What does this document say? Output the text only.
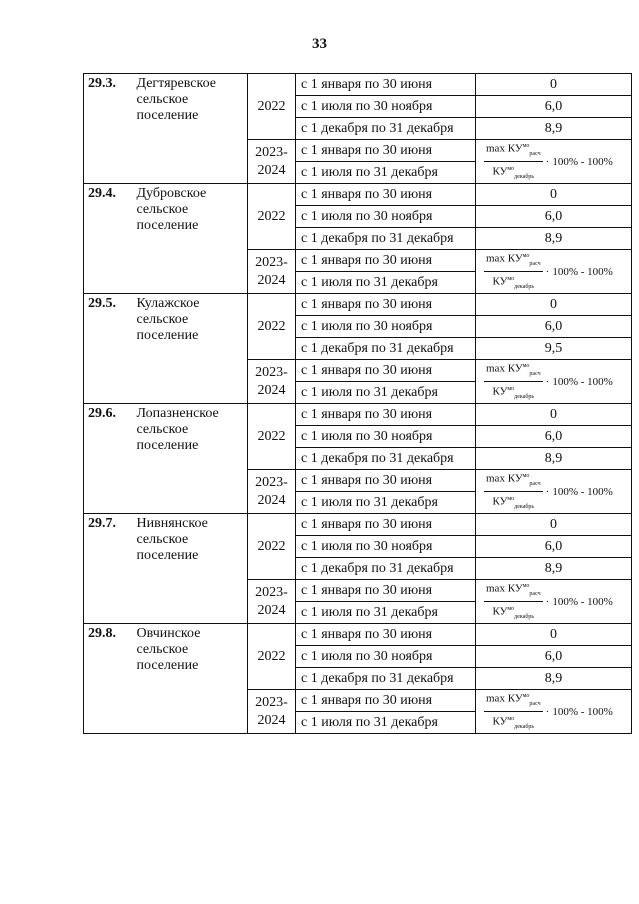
33
29.3.	Дегтяревское
сельское
поселение	2022	с 1 января по 30 июня	0
			с 1 июля по 30 ноября	6,0
			с 1 декабря по 31 декабря	8,9

		2023-
2024	с 1 января по 30 июня	$\frac{\max КУ^{мо}_{pасч}}{КУ^{мо}_{декабрь}} \cdot 100\% - 100\%$

			с 1 июля по 31 декабря	
29.4.	Дубровское
сельское
поселение	2022	с 1 января по 30 июня	0
			с 1 июля по 30 ноября	6,0
			с 1 декабря по 31 декабря	8,9

		2023-
2024	с 1 января по 30 июня	$\frac{\max КУ^{мо}_{pасч}}{КУ^{мо}_{декабрь}} \cdot 100\% - 100\%$

			с 1 июля по 31 декабря	
29.5.	Кулажское
сельское
поселение	2022	с 1 января по 30 июня	0
			с 1 июля по 30 ноября	6,0
			с 1 декабря по 31 декабря	9,5

		2023-
2024	с 1 января по 30 июня	$\frac{\max КУ^{мо}_{pасч}}{КУ^{мо}_{декабрь}} \cdot 100\% - 100\%$

			с 1 июля по 31 декабря	
29.6.	Лопазненское
сельское
поселение	2022	с 1 января по 30 июня	0
			с 1 июля по 30 ноября	6,0
			с 1 декабря по 31 декабря	8,9

		2023-
2024	с 1 января по 30 июня	$\frac{\max КУ^{мо}_{pасч}}{КУ^{мо}_{декабрь}} \cdot 100\% - 100\%$

			с 1 июля по 31 декабря	
29.7.	Нивнянское
сельское
поселение	2022	с 1 января по 30 июня	0
			с 1 июля по 30 ноября	6,0
			с 1 декабря по 31 декабря	8,9

		2023-
2024	с 1 января по 30 июня	$\frac{\max КУ^{мо}_{pасч}}{КУ^{мо}_{декабрь}} \cdot 100\% - 100\%$

			с 1 июля по 31 декабря	
29.8.	Овчинское
сельское
поселение	2022	с 1 января по 30 июня	0
			с 1 июля по 30 ноября	6,0
			с 1 декабря по 31 декабря	8,9

		2023-
2024	с 1 января по 30 июня	$\frac{\max КУ^{мо}_{pасч}}{КУ^{мо}_{декабрь}} \cdot 100\% - 100\%$

			с 1 июля по 31 декабря	
